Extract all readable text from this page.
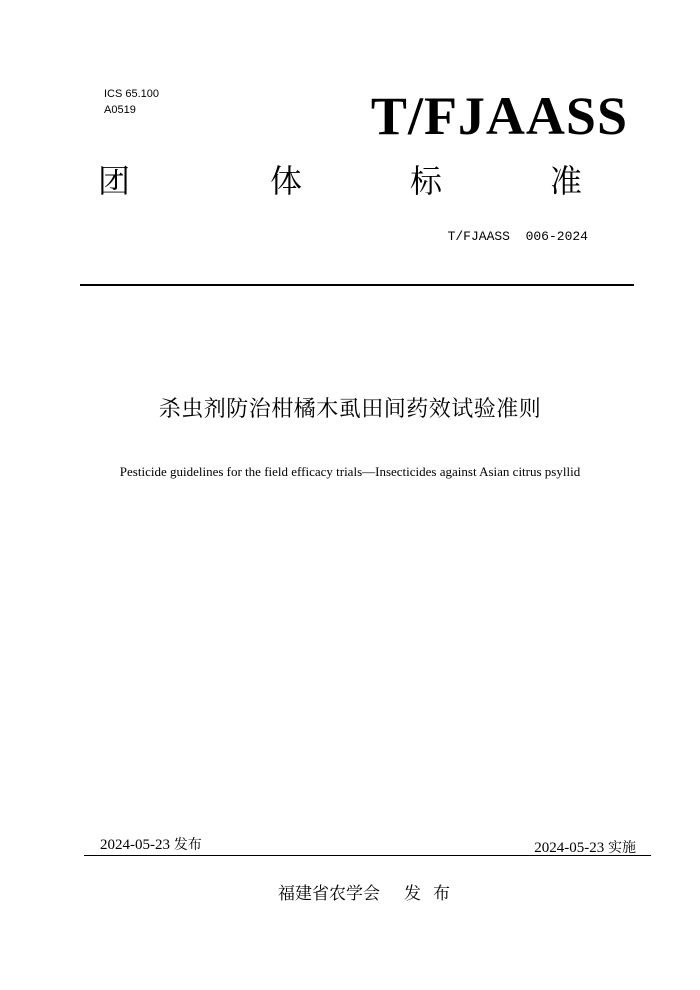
ICS 65.100
A0519	T/FJAASS
团	体	标	准
T/FJAASS  006-2024
杀虫剂防治柑橘木虱田间药效试验准则
Pesticide guidelines for the field efficacy trials—Insecticides against Asian citrus psyllid
2024-05-23 发布	2024-05-23 实施
福建省农学会 发布
